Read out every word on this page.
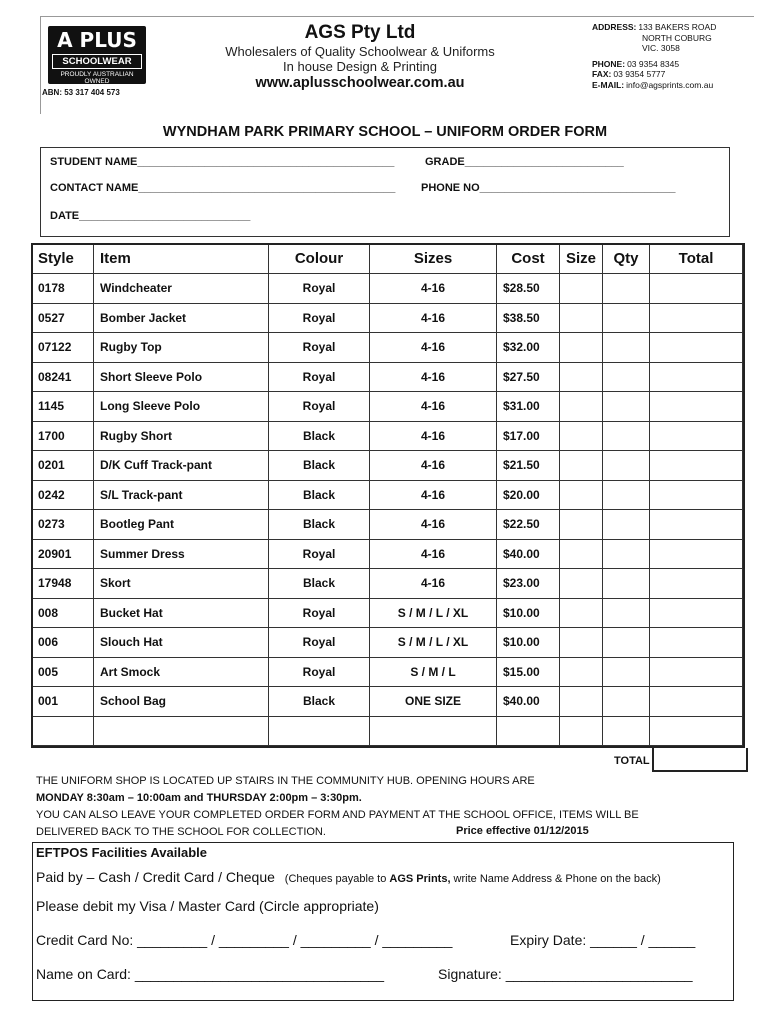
A PLUS
SCHOOLWEAR
PROUDLY AUSTRALIAN OWNED
ABN: 53 317 404 573
AGS Pty Ltd
Wholesalers of Quality Schoolwear & Uniforms
In house Design & Printing
www.aplusschoolwear.com.au
ADDRESS: 133 BAKERS ROAD
NORTH COBURG
VIC. 3058
PHONE: 03 9354 8345
FAX: 03 9354 5777
E-MAIL: info@agsprints.com.au
WYNDHAM PARK PRIMARY SCHOOL – UNIFORM ORDER FORM
STUDENT NAME__________________________________________	GRADE__________________________
CONTACT NAME__________________________________________ PHONE NO________________________________
DATE____________________________
Style	Item	Colour	Sizes	Cost	Size	Qty	Total
0178	Windcheater	Royal	4-16	$28.50			
0527	Bomber Jacket	Royal	4-16	$38.50			
07122	Rugby Top	Royal	4-16	$32.00			
08241	Short Sleeve Polo	Royal	4-16	$27.50			
1145	Long Sleeve Polo	Royal	4-16	$31.00			
1700	Rugby Short	Black	4-16	$17.00			
0201	D/K Cuff Track-pant	Black	4-16	$21.50			
0242	S/L Track-pant	Black	4-16	$20.00			
0273	Bootleg Pant	Black	4-16	$22.50			
20901	Summer Dress	Royal	4-16	$40.00			
17948	Skort	Black	4-16	$23.00			
008	Bucket Hat	Royal	S / M / L / XL	$10.00			
006	Slouch Hat	Royal	S / M / L / XL	$10.00			
005	Art Smock	Royal	S / M / L	$15.00			
001	School Bag	Black	ONE SIZE	$40.00			

TOTAL
THE UNIFORM SHOP IS LOCATED UP STAIRS IN THE COMMUNITY HUB. OPENING HOURS ARE
MONDAY 8:30am – 10:00am and THURSDAY 2:00pm – 3:30pm.
YOU CAN ALSO LEAVE YOUR COMPLETED ORDER FORM AND PAYMENT AT THE SCHOOL OFFICE, ITEMS WILL BE
DELIVERED BACK TO THE SCHOOL FOR COLLECTION.	Price effective 01/12/2015
EFTPOS Facilities Available
Paid by – Cash / Credit Card / Cheque (Cheques payable to AGS Prints, write Name Address & Phone on the back)
Please debit my Visa / Master Card (Circle appropriate)
Credit Card No: _________ / _________ / _________ / _________	Expiry Date: ______ / ______
Name on Card: ________________________________	Signature: ________________________
